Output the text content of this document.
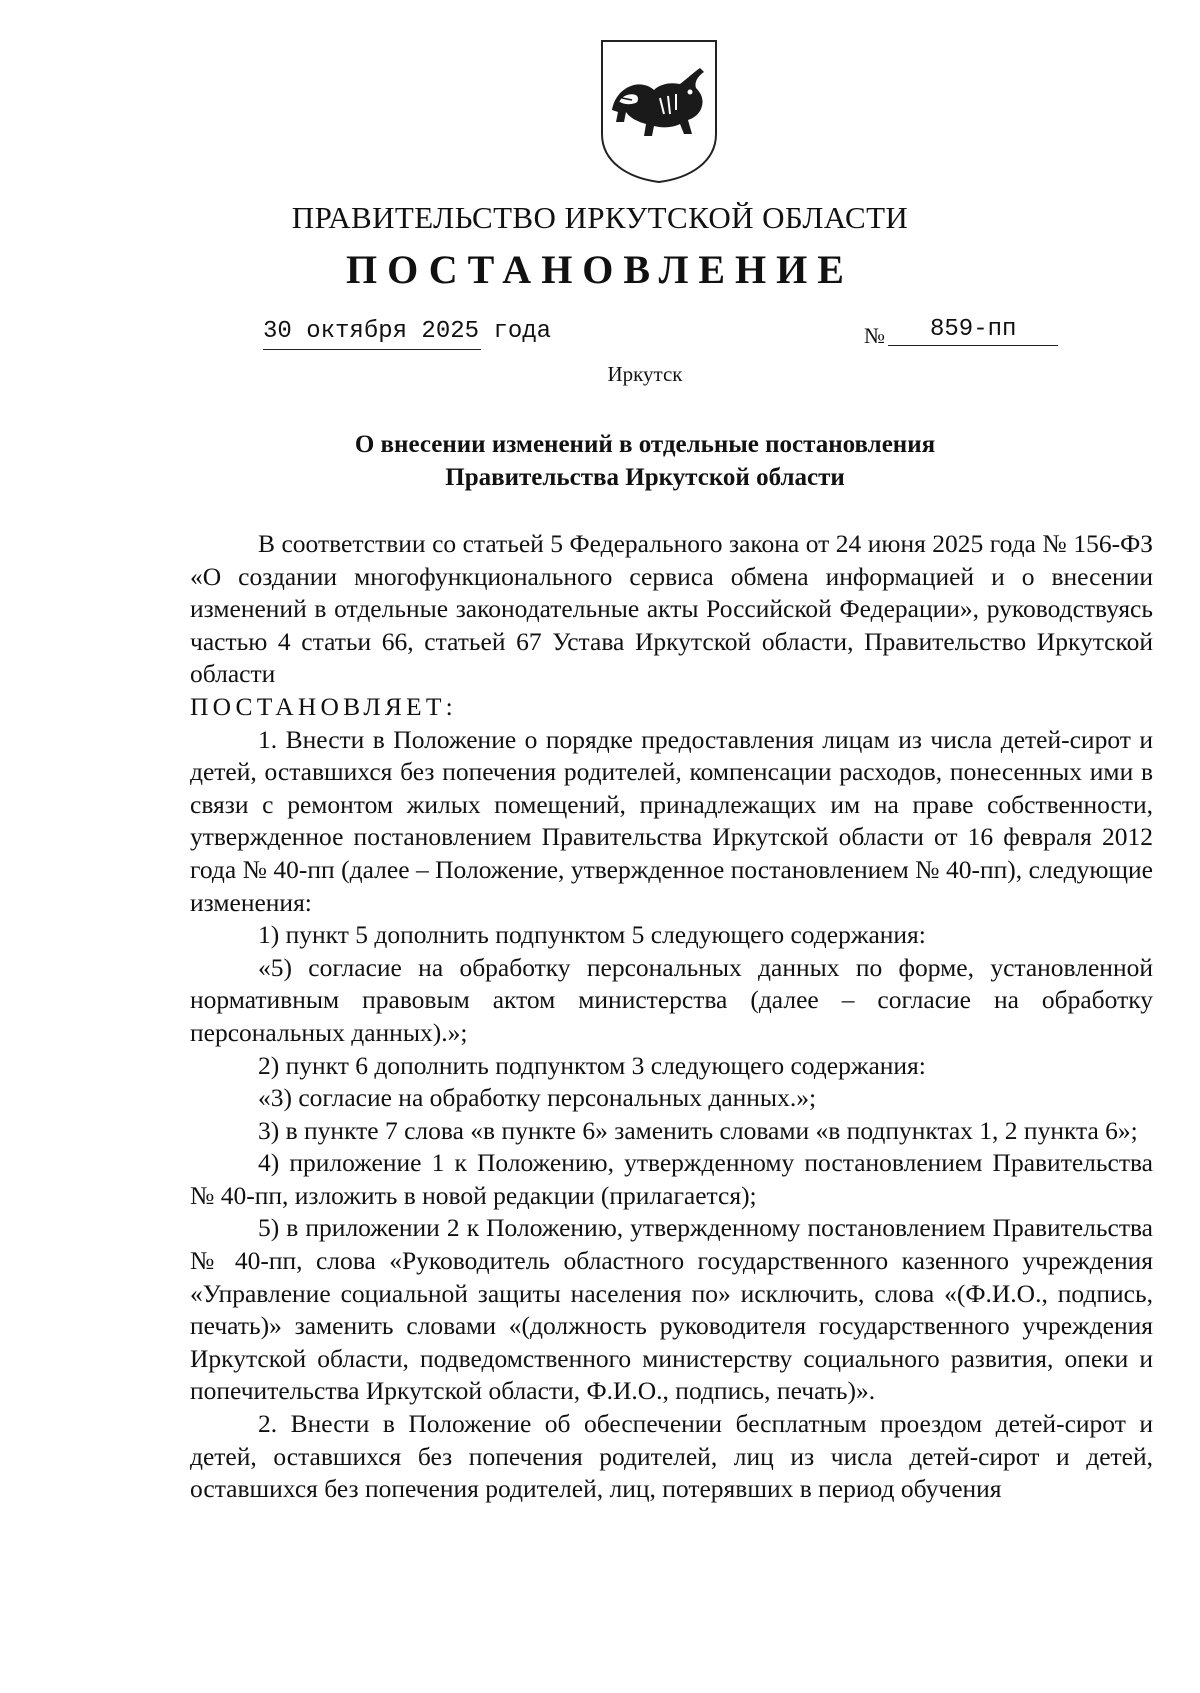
ПРАВИТЕЛЬСТВО ИРКУТСКОЙ ОБЛАСТИ
ПОСТАНОВЛЕНИЕ
30 октября 2025 года	№ 859-пп
Иркутск
О внесении изменений в отдельные постановления
Правительства Иркутской области

В соответствии со статьей 5 Федерального закона от 24 июня 2025 года № 156-ФЗ «О создании многофункционального сервиса обмена информацией и о внесении изменений в отдельные законодательные акты Российской Федерации», руководствуясь частью 4 статьи 66, статьей 67 Устава Иркутской области, Правительство Иркутской области

ПОСТАНОВЛЯЕТ:

1. Внести в Положение о порядке предоставления лицам из числа детей-сирот и детей, оставшихся без попечения родителей, компенсации расходов, понесенных ими в связи с ремонтом жилых помещений, принадлежащих им на праве собственности, утвержденное постановлением Правительства Иркутской области от 16 февраля 2012 года № 40-пп (далее – Положение, утвержденное постановлением № 40-пп), следующие изменения:

1) пункт 5 дополнить подпунктом 5 следующего содержания:

«5) согласие на обработку персональных данных по форме, установленной нормативным правовым актом министерства (далее – согласие на обработку персональных данных).»;

2) пункт 6 дополнить подпунктом 3 следующего содержания:

«3) согласие на обработку персональных данных.»;

3) в пункте 7 слова «в пункте 6» заменить словами «в подпунктах 1, 2 пункта 6»;

4) приложение 1 к Положению, утвержденному постановлением Правительства № 40-пп, изложить в новой редакции (прилагается);

5) в приложении 2 к Положению, утвержденному постановлением Правительства № 40-пп, слова «Руководитель областного государственного казенного учреждения «Управление социальной защиты населения по» исключить, слова «(Ф.И.О., подпись, печать)» заменить словами «(должность руководителя государственного учреждения Иркутской области, подведомственного министерству социального развития, опеки и попечительства Иркутской области, Ф.И.О., подпись, печать)».

2. Внести в Положение об обеспечении бесплатным проездом детей-сирот и детей, оставшихся без попечения родителей, лиц из числа детей-сирот и детей, оставшихся без попечения родителей, лиц, потерявших в период обучения
